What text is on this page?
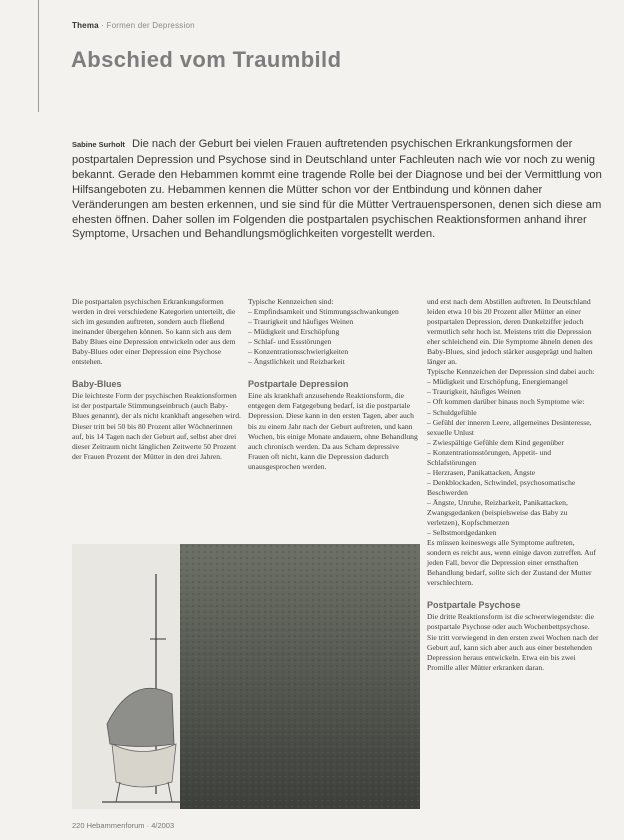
Thema · Formen der Depression
Abschied vom Traumbild
Sabine Surholt Die nach der Geburt bei vielen Frauen auftretenden psychischen Erkrankungsformen der postpartalen Depression und Psychose sind in Deutschland unter Fachleuten nach wie vor noch zu wenig bekannt. Gerade den Hebammen kommt eine tragende Rolle bei der Diagnose und bei der Vermittlung von Hilfsangeboten zu. Hebammen kennen die Mütter schon vor der Entbindung und können daher Veränderungen am besten erkennen, und sie sind für die Mütter Vertrauenspersonen, denen sich diese am ehesten öffnen. Daher sollen im Folgenden die postpartalen psychischen Reaktionsformen anhand ihrer Symptome, Ursachen und Behandlungsmöglichkeiten vorgestellt werden.

Die postpartalen psychischen Erkrankungsformen werden in drei verschiedene Kategorien unterteilt, die sich im gesunden auftreten, sondern auch fließend ineinander übergehen können. So kann sich aus dem Baby Blues eine Depression entwickeln oder aus dem Baby-Blues oder einer Depression eine Psychose entstehen.

Baby-Blues

Die leichteste Form der psychischen Reaktionsformen ist der postpartale Stimmungseinbruch (auch Baby-Blues genannt), der als nicht krankhaft angesehen wird. Dieser tritt bei 50 bis 80 Prozent aller Wöchnerinnen auf, bis 14 Tagen nach der Geburt auf, selbst aber drei dieser Zeitraum nicht länglichen Zeitwerte 50 Prozent der Frauen Prozent der Mütter in den drei Jahren.

Typische Kennzeichen sind:

– Empfindsamkeit und Stimmungsschwankungen
– Traurigkeit und häufiges Weinen
– Müdigkeit und Erschöpfung
– Schlaf- und Essstörungen
– Konzentrationsschwierigkeiten
– Ängstlichkeit und Reizbarkeit
Postpartale Depression

Eine als krankhaft anzusehende Reaktionsform, die entgegen dem Fatgegebung bedarf, ist die postpartale Depression. Diese kann in den ersten Tagen, aber auch bis zu einem Jahr nach der Geburt auftreten, und kann Wochen, bis einige Monate andauern, ohne Behandlung auch chronisch werden. Da aus Scham depressive Frauen oft nicht, kann die Depression dadurch unausgesprochen werden.

und erst nach dem Abstillen auftreten. In Deutschland leiden etwa 10 bis 20 Prozent aller Mütter an einer postpartalen Depression, deren Dunkelziffer jedoch vermutlich sehr hoch ist. Meistens tritt die Depression eher schleichend ein. Die Symptome ähneln denen des Baby-Blues, sind jedoch stärker ausgeprägt und halten länger an.

Typische Kennzeichen der Depression sind dabei auch:

– Müdigkeit und Erschöpfung, Energiemangel
– Traurigkeit, häufiges Weinen
– Oft kommen darüber hinaus noch Symptome wie:
– Schuldgefühle
– Gefühl der inneren Leere, allgemeines Desinteresse, sexuelle Unlust
– Zwiespältige Gefühle dem Kind gegenüber
– Konzentrationsstörungen, Appetit- und Schlafstörungen
– Herzrasen, Panikattacken, Ängste
– Denkblockaden, Schwindel, psychosomatische Beschwerden
– Ängste, Unruhe, Reizbarkeit, Panikattacken, Zwangsgedanken (beispielsweise das Baby zu verletzen), Kopfschmerzen
– Selbstmordgedanken

Es müssen keineswegs alle Symptome auftreten, sondern es reicht aus, wenn einige davon zutreffen. Auf jeden Fall, bevor die Depression einer ernsthaften Behandlung bedarf, sollte sich der Zustand der Mutter verschlechtern.

Postpartale Psychose

Die dritte Reaktionsform ist die schwerwiegendste: die postpartale Psychose oder auch Wochenbettpsychose. Sie tritt vorwiegend in den ersten zwei Wochen nach der Geburt auf, kann sich aber auch aus einer bestehenden Depression heraus entwickeln. Etwa ein bis zwei Promille aller Mütter erkranken daran.

220 Hebammenforum · 4/2003
